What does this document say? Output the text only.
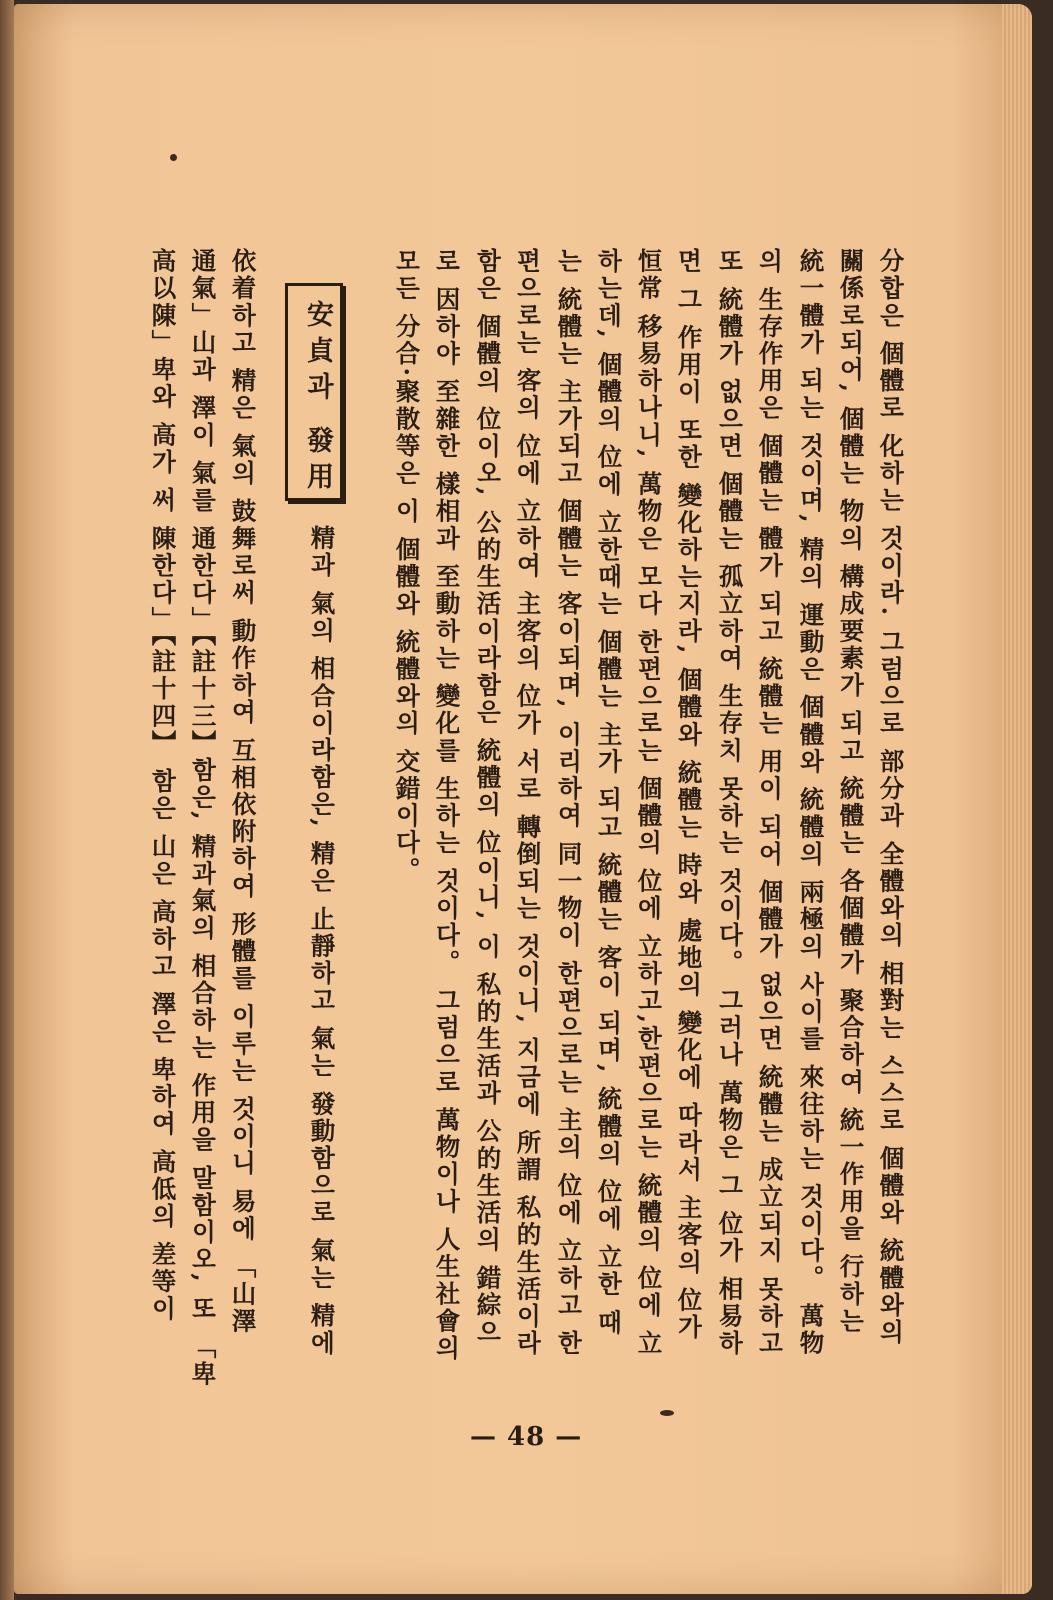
分합은 個體로 化하는 것이라. 그럼으로 部分과 全體와의 相對는 스스로 個體와 統體와의
關係로되어, 個體는 物의 構成要素가 되고 統體는 各個體가 聚合하여 統一作用을 行하는
統一體가 되는 것이며, 精의 運動은 個體와 統體의 兩極의 사이를 來往하는 것이다。 萬物
의 生存作用은 個體는 體가 되고 統體는 用이 되어 個體가 없으면 統體는 成立되지 못하고
또 統體가 없으면 個體는 孤立하여 生存치 못하는 것이다。 그러나 萬物은 그 位가 相易하
면 그 作用이 또한 變化하는지라, 個體와 統體는 時와 處地의 變化에 따라서 主客의 位가
恒常 移易하나니, 萬物은 모다 한편으로는 個體의 位에 立하고,한편으로는 統體의 位에 立
하는데, 個體의 位에 立한때는 個體는 主가 되고 統體는 客이 되며, 統體의 位에 立한 때
는 統體는 主가되고 個體는 客이되며, 이리하여 同一物이 한편으로는 主의 位에 立하고 한
편으로는 客의 位에 立하여 主客의 位가 서로 轉倒되는 것이니, 지금에 所謂 私的生活이라
함은 個體의 位이오, 公的生活이라함은 統體의 位이니, 이 私的生活과 公的生活의 錯綜으
로 因하야 至雜한 樣相과 至動하는 變化를 生하는 것이다。 그럼으로 萬物이나 人生社會의
모든 分合·聚散等은 이 個體와 統體와의 交錯이다。
精과 氣의 相合이라함은, 精은 止靜하고 氣는 發動함으로 氣는 精에
安貞과 發用
依着하고 精은 氣의 鼓舞로써 動作하여 互相依附하여 形體를 이루는 것이니 易에 「山澤
通氣」山과 澤이 氣를 通한다」【註十三】함은, 精과氣의 相合하는 作用을 말함이오, 또 「卑
高以陳」卑와 高가 써 陳한다」【註十四】 함은 山은 高하고 澤은 卑하여 高低의 差等이
— 48 —
